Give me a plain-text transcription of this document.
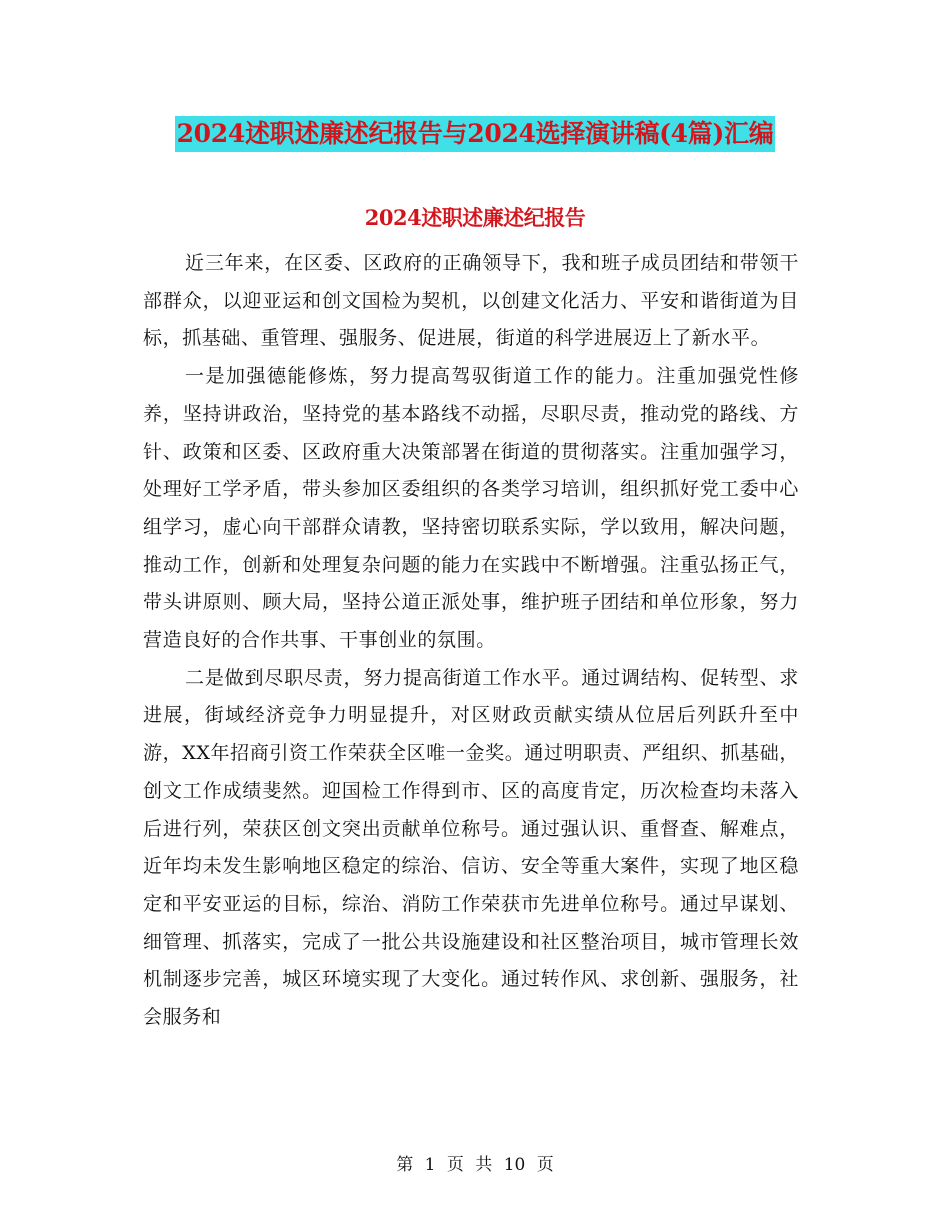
2024述职述廉述纪报告与2024选择演讲稿(4篇)汇编
2024述职述廉述纪报告

近三年来，在区委、区政府的正确领导下，我和班子成员团结和带领干部群众，以迎亚运和创文国检为契机，以创建文化活力、平安和谐街道为目标，抓基础、重管理、强服务、促进展，街道的科学进展迈上了新水平。

一是加强德能修炼，努力提高驾驭街道工作的能力。注重加强党性修养，坚持讲政治，坚持党的基本路线不动摇，尽职尽责，推动党的路线、方针、政策和区委、区政府重大决策部署在街道的贯彻落实。注重加强学习，处理好工学矛盾，带头参加区委组织的各类学习培训，组织抓好党工委中心组学习，虚心向干部群众请教，坚持密切联系实际，学以致用，解决问题，推动工作，创新和处理复杂问题的能力在实践中不断增强。注重弘扬正气，带头讲原则、顾大局，坚持公道正派处事，维护班子团结和单位形象，努力营造良好的合作共事、干事创业的氛围。

二是做到尽职尽责，努力提高街道工作水平。通过调结构、促转型、求进展，街域经济竞争力明显提升，对区财政贡献实绩从位居后列跃升至中游，XX年招商引资工作荣获全区唯一金奖。通过明职责、严组织、抓基础，创文工作成绩斐然。迎国检工作得到市、区的高度肯定，历次检查均未落入后进行列，荣获区创文突出贡献单位称号。通过强认识、重督查、解难点，近年均未发生影响地区稳定的综治、信访、安全等重大案件，实现了地区稳定和平安亚运的目标，综治、消防工作荣获市先进单位称号。通过早谋划、细管理、抓落实，完成了一批公共设施建设和社区整治项目，城市管理长效机制逐步完善，城区环境实现了大变化。通过转作风、求创新、强服务，社会服务和

第 1 页 共 10 页
